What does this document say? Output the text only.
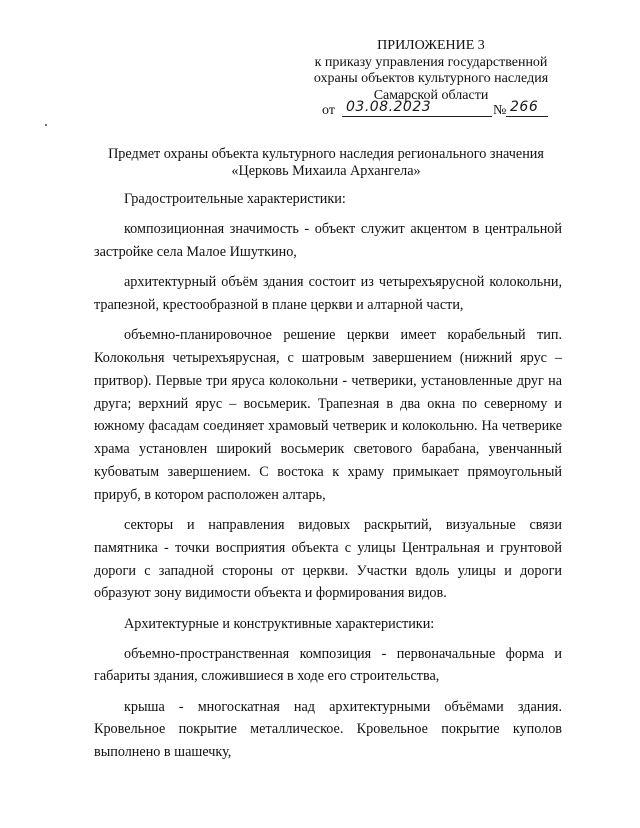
ПРИЛОЖЕНИЕ 3
к приказу управления государственной
охраны объектов культурного наследия
Самарской области
от 03.08.2023	№ 266
Предмет охраны объекта культурного наследия регионального значения
«Церковь Михаила Архангела»

Градостроительные характеристики:

композиционная значимость - объект служит акцентом в центральной застройке села Малое Ишуткино,

архитектурный объём здания состоит из четырехъярусной колокольни, трапезной, крестообразной в плане церкви и алтарной части,

объемно-планировочное решение церкви имеет корабельный тип. Колокольня четырехъярусная, с шатровым завершением (нижний ярус – притвор). Первые три яруса колокольни - четверики, установленные друг на друга; верхний ярус – восьмерик. Трапезная в два окна по северному и южному фасадам соединяет храмовый четверик и колокольню. На четверике храма установлен широкий восьмерик светового барабана, увенчанный кубоватым завершением. С востока к храму примыкает прямоугольный прируб, в котором расположен алтарь,

секторы и направления видовых раскрытий, визуальные связи памятника - точки восприятия объекта с улицы Центральная и грунтовой дороги с западной стороны от церкви. Участки вдоль улицы и дороги образуют зону видимости объекта и формирования видов.

Архитектурные и конструктивные характеристики:

объемно-пространственная композиция - первоначальные форма и габариты здания, сложившиеся в ходе его строительства,

крыша - многоскатная над архитектурными объёмами здания. Кровельное покрытие металлическое. Кровельное покрытие куполов выполнено в шашечку,
